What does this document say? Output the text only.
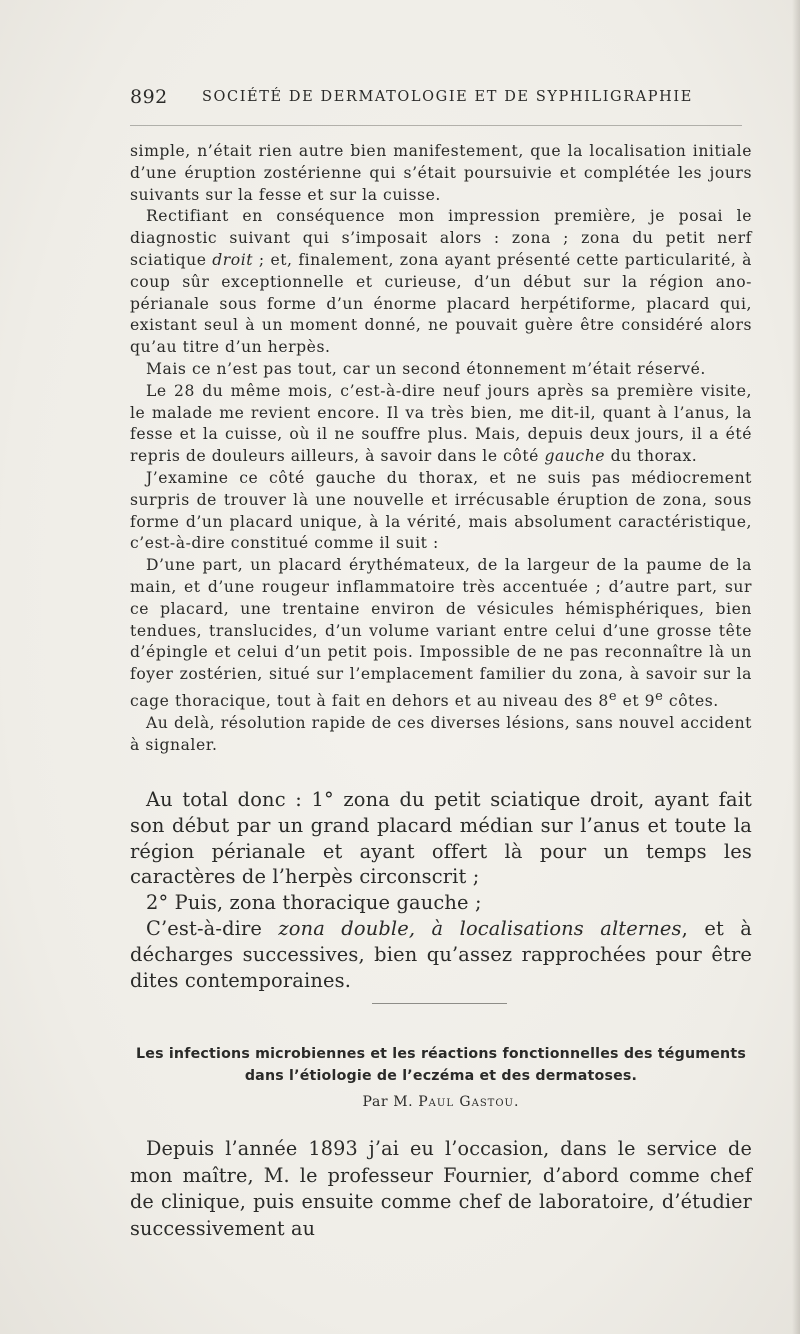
892 SOCIÉTÉ DE DERMATOLOGIE ET DE SYPHILIGRAPHIE

simple, n’était rien autre bien manifestement, que la localisation initiale d’une éruption zostérienne qui s’était poursuivie et complétée les jours suivants sur la fesse et sur la cuisse.

Rectifiant en conséquence mon impression première, je posai le diagnostic suivant qui s’imposait alors : zona ; zona du petit nerf sciatique droit ; et, finalement, zona ayant présenté cette particularité, à coup sûr exceptionnelle et curieuse, d’un début sur la région ano-périanale sous forme d’un énorme placard herpétiforme, placard qui, existant seul à un moment donné, ne pouvait guère être considéré alors qu’au titre d’un herpès.

Mais ce n’est pas tout, car un second étonnement m’était réservé.

Le 28 du même mois, c’est-à-dire neuf jours après sa première visite, le malade me revient encore. Il va très bien, me dit-il, quant à l’anus, la fesse et la cuisse, où il ne souffre plus. Mais, depuis deux jours, il a été repris de douleurs ailleurs, à savoir dans le côté gauche du thorax.

J’examine ce côté gauche du thorax, et ne suis pas médiocrement surpris de trouver là une nouvelle et irrécusable éruption de zona, sous forme d’un placard unique, à la vérité, mais absolument caractéristique, c’est-à-dire constitué comme il suit :

D’une part, un placard érythémateux, de la largeur de la paume de la main, et d’une rougeur inflammatoire très accentuée ; d’autre part, sur ce placard, une trentaine environ de vésicules hémisphériques, bien tendues, translucides, d’un volume variant entre celui d’une grosse tête d’épingle et celui d’un petit pois. Impossible de ne pas reconnaître là un foyer zostérien, situé sur l’emplacement familier du zona, à savoir sur la cage thoracique, tout à fait en dehors et au niveau des 8e et 9e côtes.

Au delà, résolution rapide de ces diverses lésions, sans nouvel accident à signaler.

Au total donc : 1° zona du petit sciatique droit, ayant fait son début par un grand placard médian sur l’anus et toute la région périanale et ayant offert là pour un temps les caractères de l’herpès circonscrit ;

2° Puis, zona thoracique gauche ;

C’est-à-dire zona double, à localisations alternes, et à décharges successives, bien qu’assez rapprochées pour être dites contemporaines.

Les infections microbiennes et les réactions fonctionnelles des téguments dans l’étiologie de l’eczéma et des dermatoses.
Par M. Paul Gastou.

Depuis l’année 1893 j’ai eu l’occasion, dans le service de mon maître, M. le professeur Fournier, d’abord comme chef de clinique, puis ensuite comme chef de laboratoire, d’étudier successivement au
